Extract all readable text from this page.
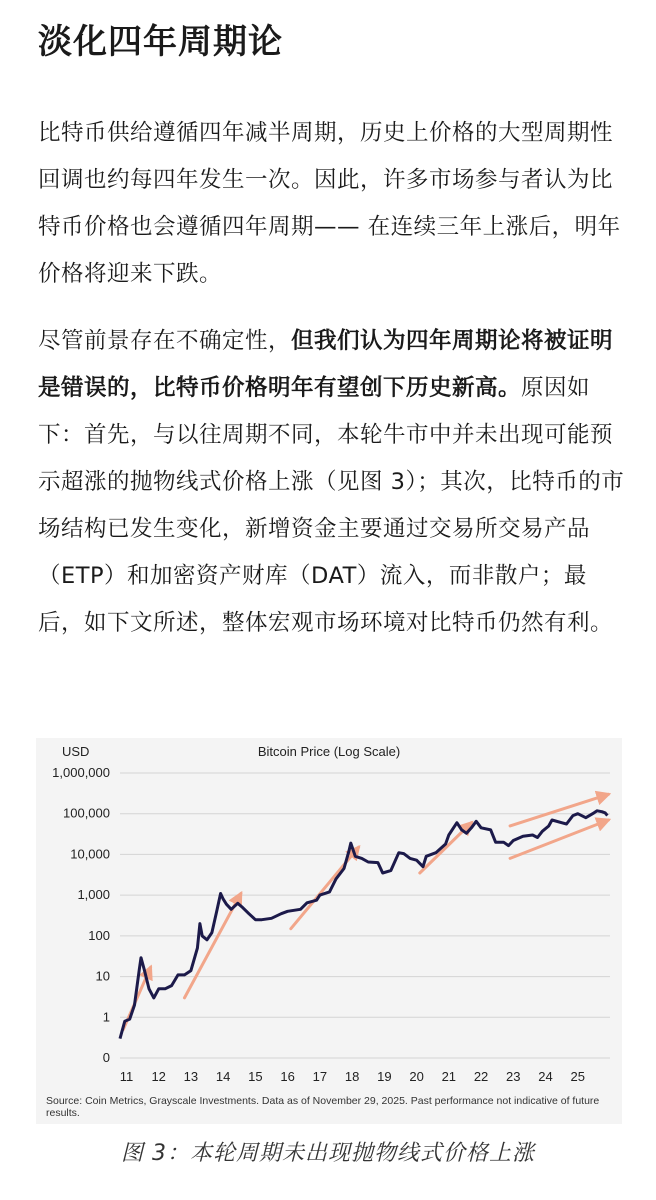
淡化四年周期论
比特币供给遵循四年减半周期，历史上价格的大型周期性回调也约每四年发生一次。因此，许多市场参与者认为比特币价格也会遵循四年周期—— 在连续三年上涨后，明年价格将迎来下跌。
尽管前景存在不确定性，但我们认为四年周期论将被证明是错误的，比特币价格明年有望创下历史新高。原因如下：首先，与以往周期不同，本轮牛市中并未出现可能预示超涨的抛物线式价格上涨（见图 3）；其次，比特币的市场结构已发生变化，新增资金主要通过交易所交易产品（ETP）和加密资产财库（DAT）流入，而非散户；最后，如下文所述，整体宏观市场环境对比特币仍然有利。
1,000,000
100,000
10,000
1,000
100
10
1
0
11 12 13 14 15 16 17 18 19 20 21 22 23 24 25
USD	Bitcoin Price (Log Scale)
Source: Coin Metrics, Grayscale Investments. Data as of November 29, 2025. Past performance not indicative of future results.
图 3：本轮周期未出现抛物线式价格上涨
